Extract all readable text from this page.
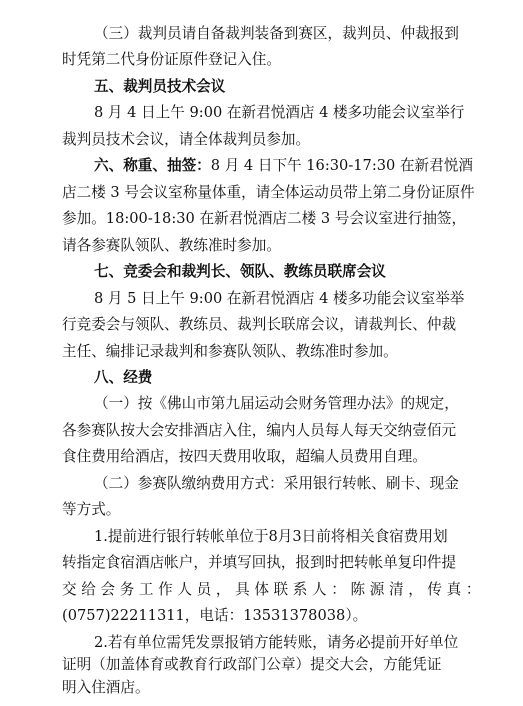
（三）裁判员请自备裁判装备到赛区，裁判员、仲裁报到
时凭第二代身份证原件登记入住。
五、裁判员技术会议
8 月 4 日上午 9:00 在新君悦酒店 4 楼多功能会议室举行
裁判员技术会议，请全体裁判员参加。
六、称重、抽签：8 月 4 日下午 16:30-17:30 在新君悦酒
店二楼 3 号会议室称量体重，请全体运动员带上第二身份证原件
参加。18:00-18:30 在新君悦酒店二楼 3 号会议室进行抽签，
请各参赛队领队、教练准时参加。
七、竞委会和裁判长、领队、教练员联席会议
8 月 5 日上午 9:00 在新君悦酒店 4 楼多功能会议室举举
行竞委会与领队、教练员、裁判长联席会议，请裁判长、仲裁
主任、编排记录裁判和参赛队领队、教练准时参加。
八、经费
（一）按《佛山市第九届运动会财务管理办法》的规定，
各参赛队按大会安排酒店入住，编内人员每人每天交纳壹佰元
食住费用给酒店，按四天费用收取，超编人员费用自理。
（二）参赛队缴纳费用方式：采用银行转帐、刷卡、现金
等方式。
1.提前进行银行转帐单位于8月3日前将相关食宿费用划
转指定食宿酒店帐户，并填写回执，报到时把转帐单复印件提
交 给 会 务 工 作 人 员 ， 具 体 联 系 人 ： 陈 源 清 ， 传 真 ：
(0757)22211311，电话：13531378038）。
2.若有单位需凭发票报销方能转账，请务必提前开好单位
证明（加盖体育或教育行政部门公章）提交大会，方能凭证
明入住酒店。
